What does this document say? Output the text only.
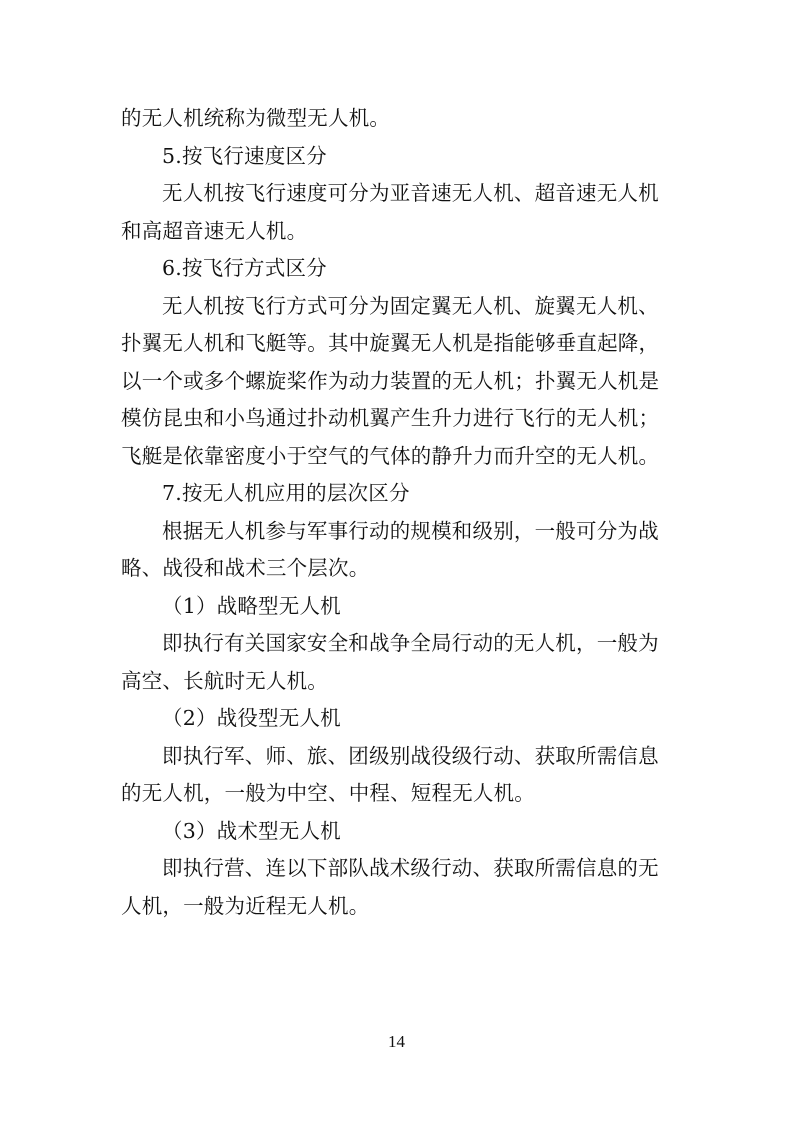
的无人机统称为微型无人机。
5.按飞行速度区分
无人机按飞行速度可分为亚音速无人机、超音速无人机
和高超音速无人机。
6.按飞行方式区分
无人机按飞行方式可分为固定翼无人机、旋翼无人机、
扑翼无人机和飞艇等。其中旋翼无人机是指能够垂直起降，
以一个或多个螺旋桨作为动力装置的无人机；扑翼无人机是
模仿昆虫和小鸟通过扑动机翼产生升力进行飞行的无人机；
飞艇是依靠密度小于空气的气体的静升力而升空的无人机。
7.按无人机应用的层次区分
根据无人机参与军事行动的规模和级别，一般可分为战
略、战役和战术三个层次。
（1）战略型无人机
即执行有关国家安全和战争全局行动的无人机，一般为
高空、长航时无人机。
（2）战役型无人机
即执行军、师、旅、团级别战役级行动、获取所需信息
的无人机，一般为中空、中程、短程无人机。
（3）战术型无人机
即执行营、连以下部队战术级行动、获取所需信息的无
人机，一般为近程无人机。
14
